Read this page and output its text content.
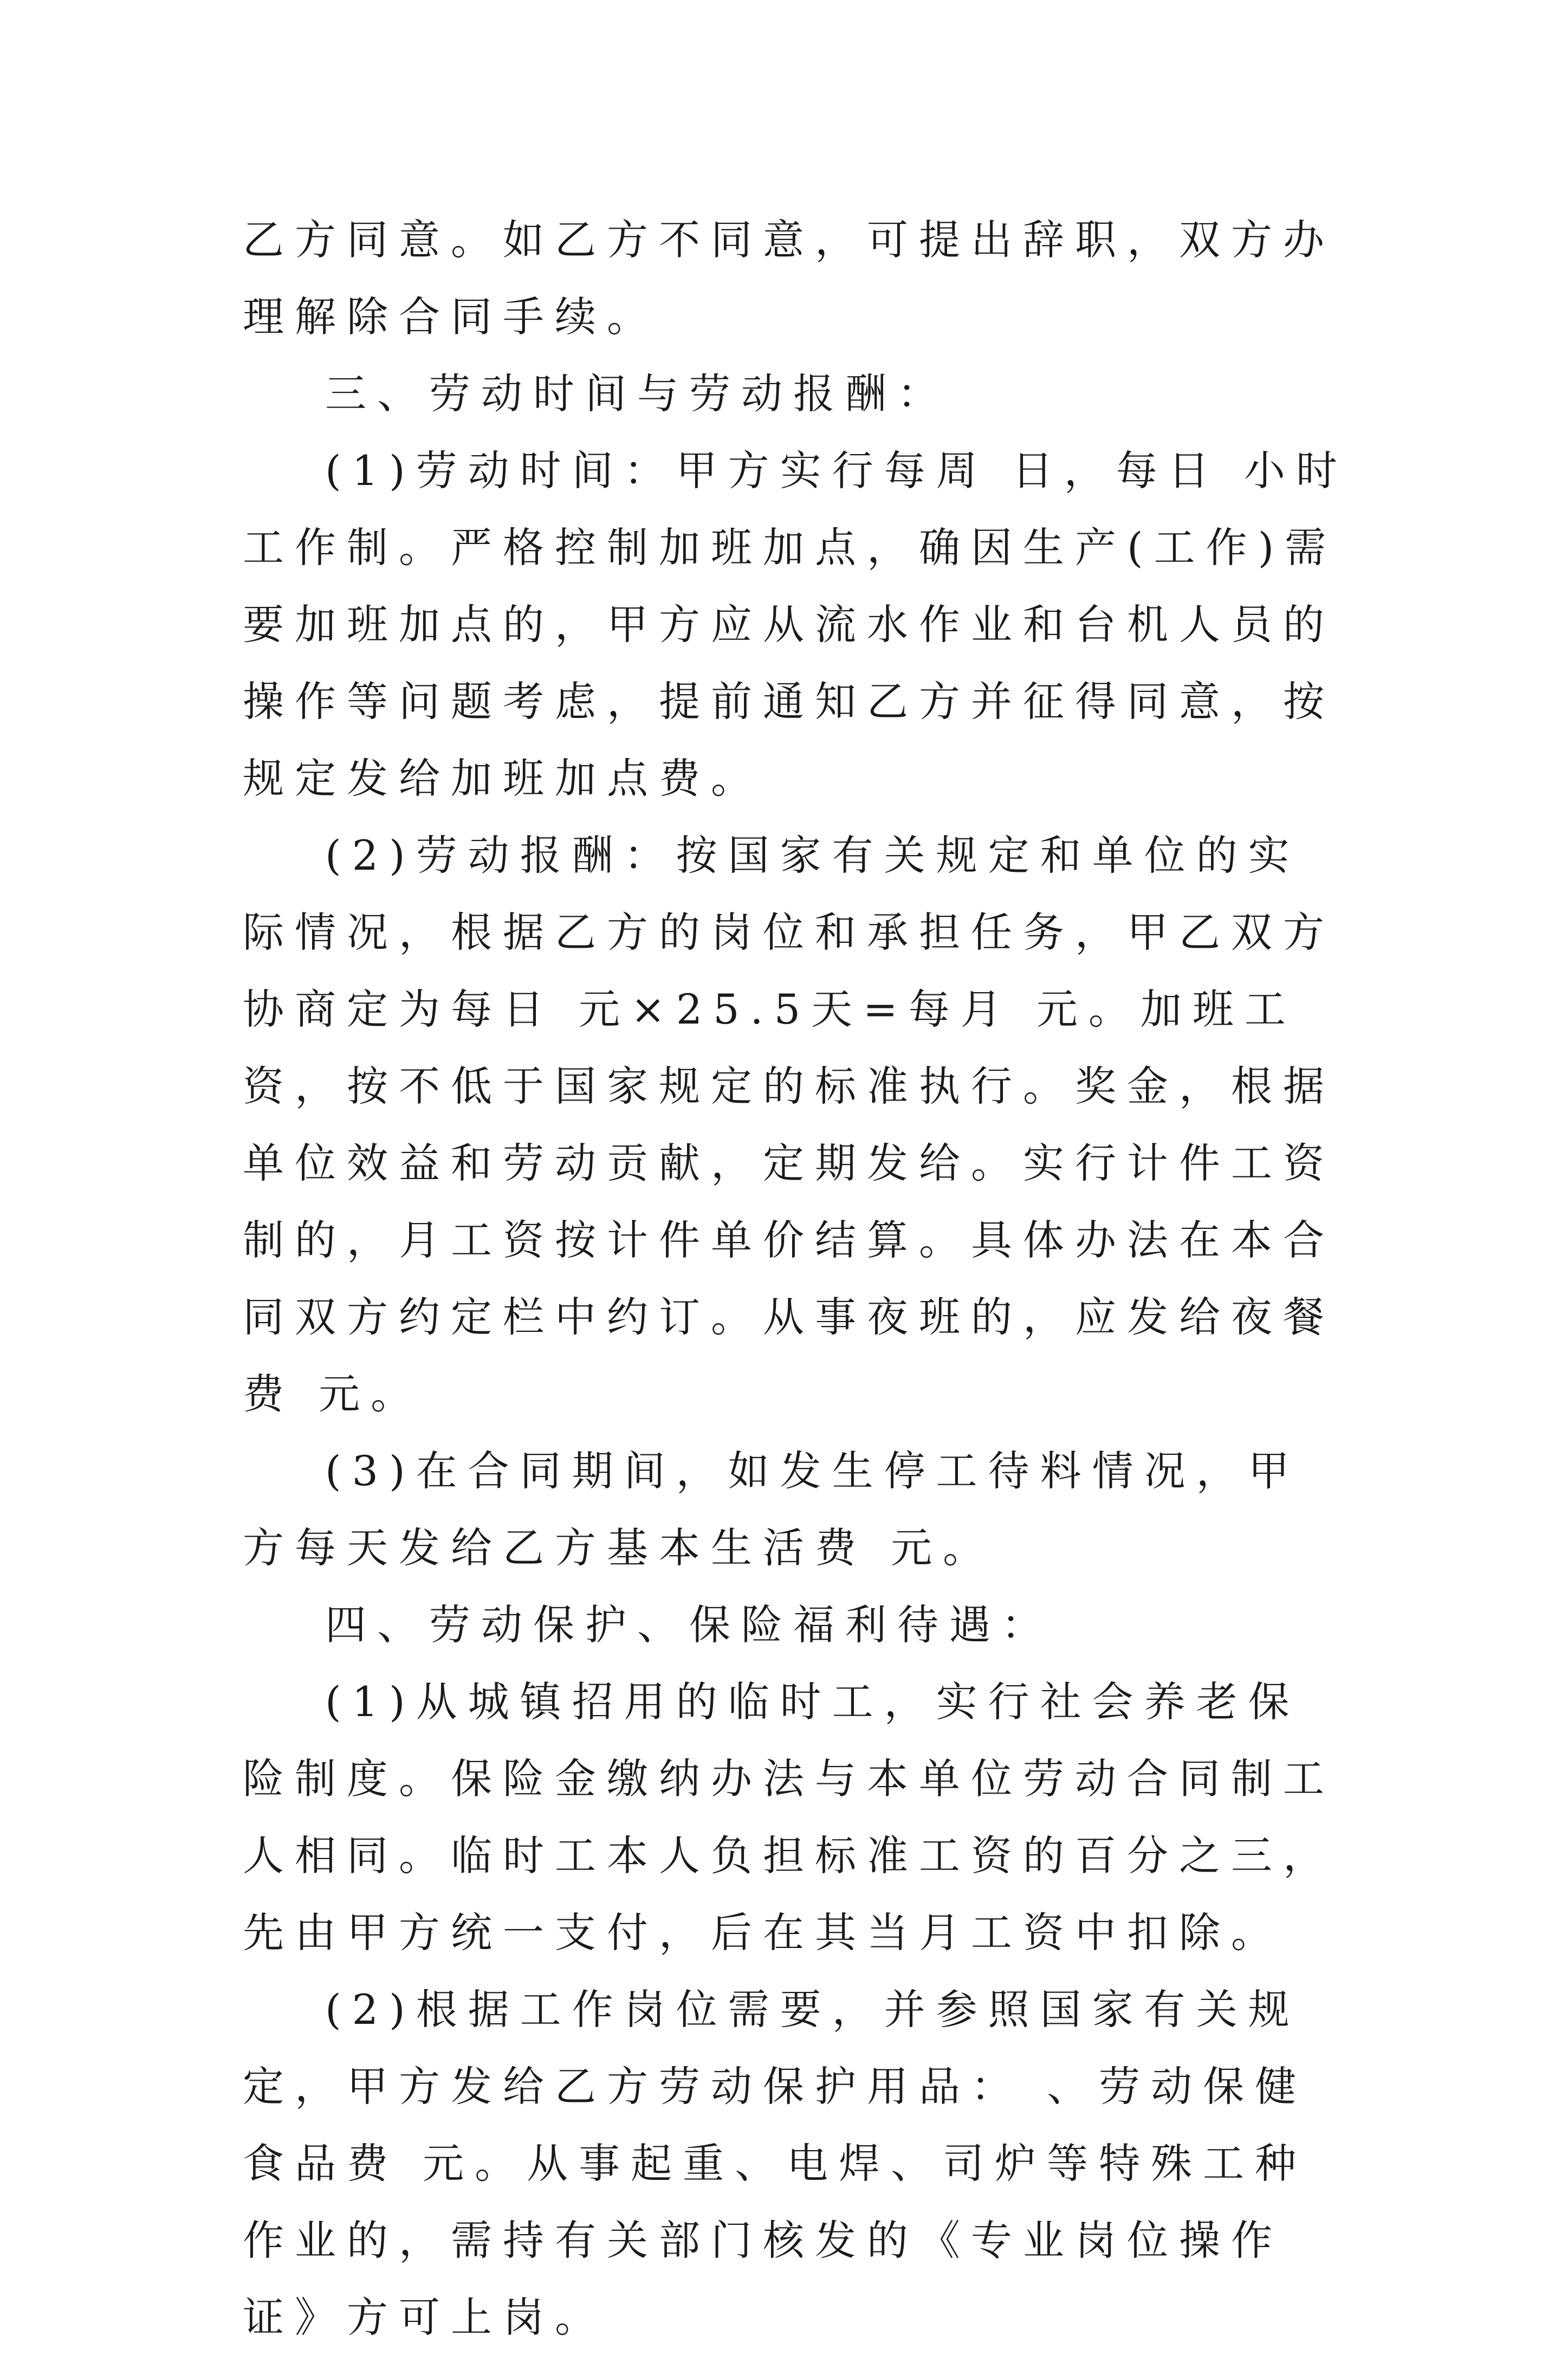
乙方同意。如乙方不同意，可提出辞职，双方办理解除合同手续。

三、劳动时间与劳动报酬：

(1)劳动时间：甲方实行每周 日，每日 小时工作制。严格控制加班加点，确因生产(工作)需要加班加点的，甲方应从流水作业和台机人员的操作等问题考虑，提前通知乙方并征得同意，按规定发给加班加点费。

(2)劳动报酬：按国家有关规定和单位的实际情况，根据乙方的岗位和承担任务，甲乙双方协商定为每日 元×25.5天=每月 元。加班工资，按不低于国家规定的标准执行。奖金，根据单位效益和劳动贡献，定期发给。实行计件工资制的，月工资按计件单价结算。具体办法在本合同双方约定栏中约订。从事夜班的，应发给夜餐费 元。

(3)在合同期间，如发生停工待料情况，甲方每天发给乙方基本生活费 元。

四、劳动保护、保险福利待遇：

(1)从城镇招用的临时工，实行社会养老保险制度。保险金缴纳办法与本单位劳动合同制工人相同。临时工本人负担标准工资的百分之三，先由甲方统一支付，后在其当月工资中扣除。

(2)根据工作岗位需要，并参照国家有关规定，甲方发给乙方劳动保护用品： 、劳动保健食品费 元。从事起重、电焊、司炉等特殊工种作业的，需持有关部门核发的《专业岗位操作证》方可上岗。
